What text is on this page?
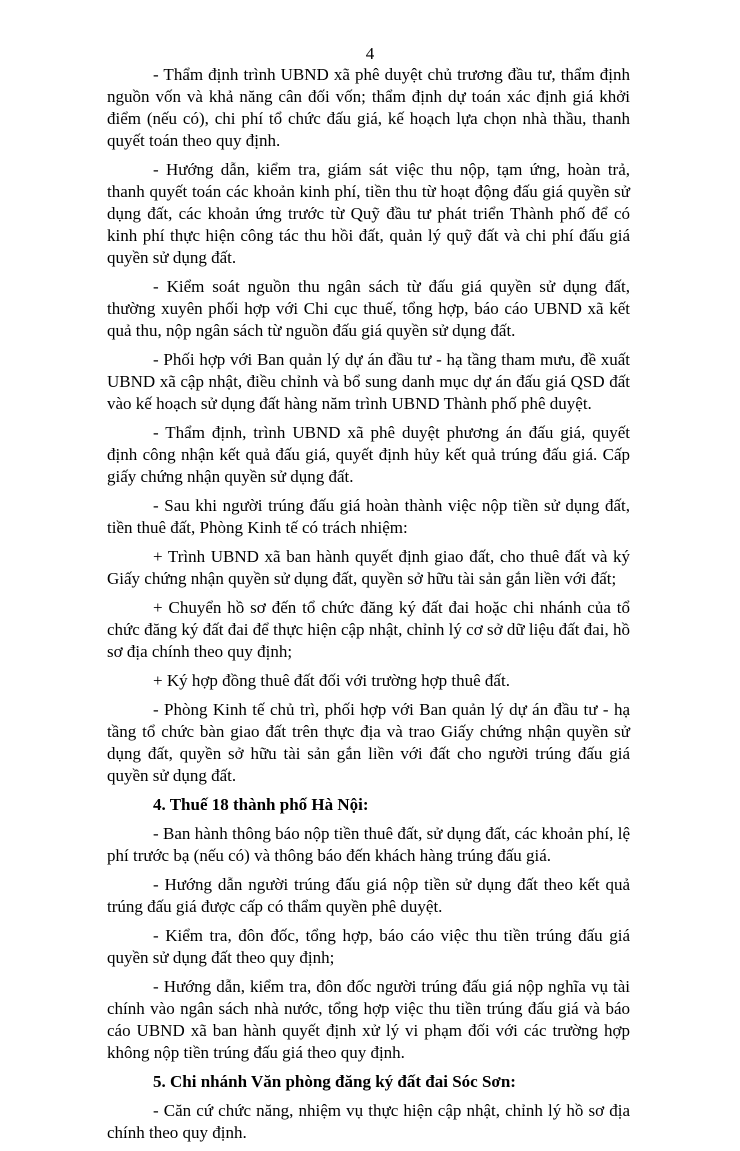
4

- Thẩm định trình UBND xã phê duyệt chủ trương đầu tư, thẩm định nguồn vốn và khả năng cân đối vốn; thẩm định dự toán xác định giá khởi điểm (nếu có), chi phí tổ chức đấu giá, kế hoạch lựa chọn nhà thầu, thanh quyết toán theo quy định.

- Hướng dẫn, kiểm tra, giám sát việc thu nộp, tạm ứng, hoàn trả, thanh quyết toán các khoản kinh phí, tiền thu từ hoạt động đấu giá quyền sử dụng đất, các khoản ứng trước từ Quỹ đầu tư phát triển Thành phố để có kinh phí thực hiện công tác thu hồi đất, quản lý quỹ đất và chi phí đấu giá quyền sử dụng đất.

- Kiểm soát nguồn thu ngân sách từ đấu giá quyền sử dụng đất, thường xuyên phối hợp với Chi cục thuế, tổng hợp, báo cáo UBND xã kết quả thu, nộp ngân sách từ nguồn đấu giá quyền sử dụng đất.

- Phối hợp với Ban quản lý dự án đầu tư - hạ tầng tham mưu, đề xuất UBND xã cập nhật, điều chỉnh và bổ sung danh mục dự án đấu giá QSD đất vào kế hoạch sử dụng đất hàng năm trình UBND Thành phố phê duyệt.

- Thẩm định, trình UBND xã phê duyệt phương án đấu giá, quyết định công nhận kết quả đấu giá, quyết định hủy kết quả trúng đấu giá. Cấp giấy chứng nhận quyền sử dụng đất.

- Sau khi người trúng đấu giá hoàn thành việc nộp tiền sử dụng đất, tiền thuê đất, Phòng Kinh tế có trách nhiệm:

+ Trình UBND xã ban hành quyết định giao đất, cho thuê đất và ký Giấy chứng nhận quyền sử dụng đất, quyền sở hữu tài sản gắn liền với đất;

+ Chuyển hồ sơ đến tổ chức đăng ký đất đai hoặc chi nhánh của tổ chức đăng ký đất đai để thực hiện cập nhật, chỉnh lý cơ sở dữ liệu đất đai, hồ sơ địa chính theo quy định;

+ Ký hợp đồng thuê đất đối với trường hợp thuê đất.

- Phòng Kinh tế chủ trì, phối hợp với Ban quản lý dự án đầu tư - hạ tầng tổ chức bàn giao đất trên thực địa và trao Giấy chứng nhận quyền sử dụng đất, quyền sở hữu tài sản gắn liền với đất cho người trúng đấu giá quyền sử dụng đất.

4. Thuế 18 thành phố Hà Nội:

- Ban hành thông báo nộp tiền thuê đất, sử dụng đất, các khoản phí, lệ phí trước bạ (nếu có) và thông báo đến khách hàng trúng đấu giá.

- Hướng dẫn người trúng đấu giá nộp tiền sử dụng đất theo kết quả trúng đấu giá được cấp có thẩm quyền phê duyệt.

- Kiểm tra, đôn đốc, tổng hợp, báo cáo việc thu tiền trúng đấu giá quyền sử dụng đất theo quy định;

- Hướng dẫn, kiểm tra, đôn đốc người trúng đấu giá nộp nghĩa vụ tài chính vào ngân sách nhà nước, tổng hợp việc thu tiền trúng đấu giá và báo cáo UBND xã ban hành quyết định xử lý vi phạm đối với các trường hợp không nộp tiền trúng đấu giá theo quy định.

5. Chi nhánh Văn phòng đăng ký đất đai Sóc Sơn:

- Căn cứ chức năng, nhiệm vụ thực hiện cập nhật, chỉnh lý hồ sơ địa chính theo quy định.
